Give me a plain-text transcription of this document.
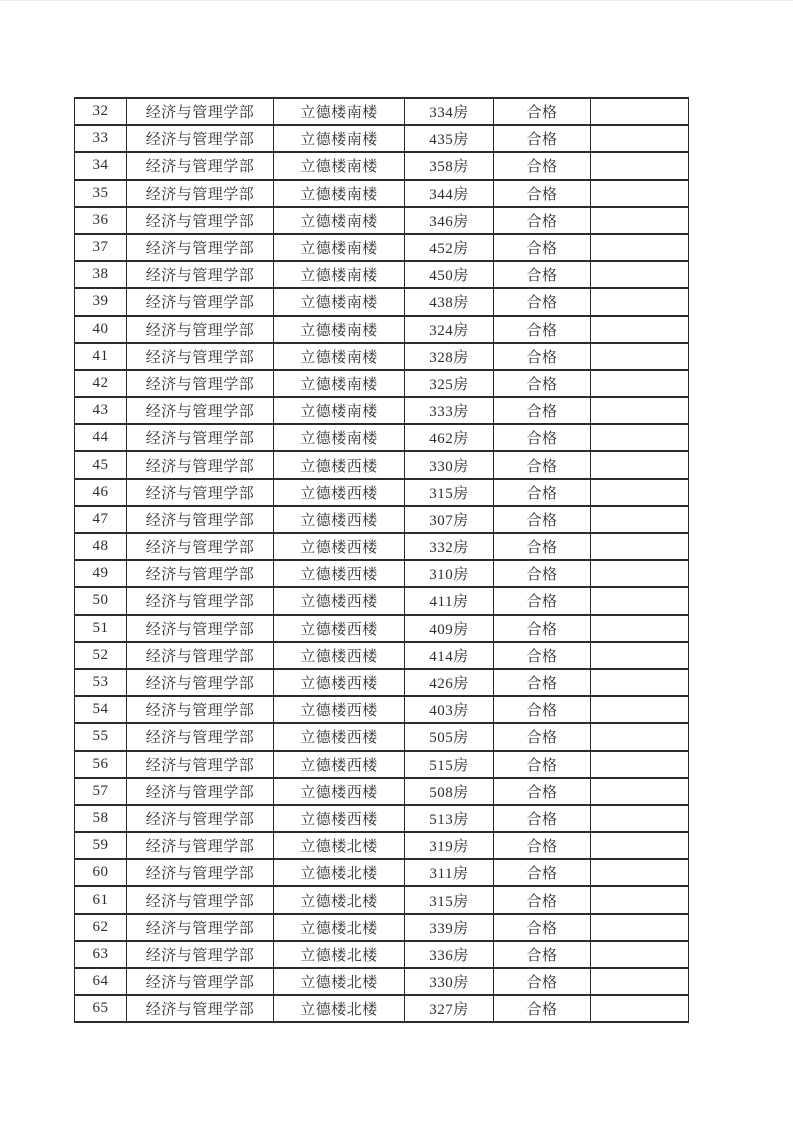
32	经济与管理学部	立德楼南楼	334房	合格	
33	经济与管理学部	立德楼南楼	435房	合格	
34	经济与管理学部	立德楼南楼	358房	合格	
35	经济与管理学部	立德楼南楼	344房	合格	
36	经济与管理学部	立德楼南楼	346房	合格	
37	经济与管理学部	立德楼南楼	452房	合格	
38	经济与管理学部	立德楼南楼	450房	合格	
39	经济与管理学部	立德楼南楼	438房	合格	
40	经济与管理学部	立德楼南楼	324房	合格	
41	经济与管理学部	立德楼南楼	328房	合格	
42	经济与管理学部	立德楼南楼	325房	合格	
43	经济与管理学部	立德楼南楼	333房	合格	
44	经济与管理学部	立德楼南楼	462房	合格	
45	经济与管理学部	立德楼西楼	330房	合格	
46	经济与管理学部	立德楼西楼	315房	合格	
47	经济与管理学部	立德楼西楼	307房	合格	
48	经济与管理学部	立德楼西楼	332房	合格	
49	经济与管理学部	立德楼西楼	310房	合格	
50	经济与管理学部	立德楼西楼	411房	合格	
51	经济与管理学部	立德楼西楼	409房	合格	
52	经济与管理学部	立德楼西楼	414房	合格	
53	经济与管理学部	立德楼西楼	426房	合格	
54	经济与管理学部	立德楼西楼	403房	合格	
55	经济与管理学部	立德楼西楼	505房	合格	
56	经济与管理学部	立德楼西楼	515房	合格	
57	经济与管理学部	立德楼西楼	508房	合格	
58	经济与管理学部	立德楼西楼	513房	合格	
59	经济与管理学部	立德楼北楼	319房	合格	
60	经济与管理学部	立德楼北楼	311房	合格	
61	经济与管理学部	立德楼北楼	315房	合格	
62	经济与管理学部	立德楼北楼	339房	合格	
63	经济与管理学部	立德楼北楼	336房	合格	
64	经济与管理学部	立德楼北楼	330房	合格	
65	经济与管理学部	立德楼北楼	327房	合格	
